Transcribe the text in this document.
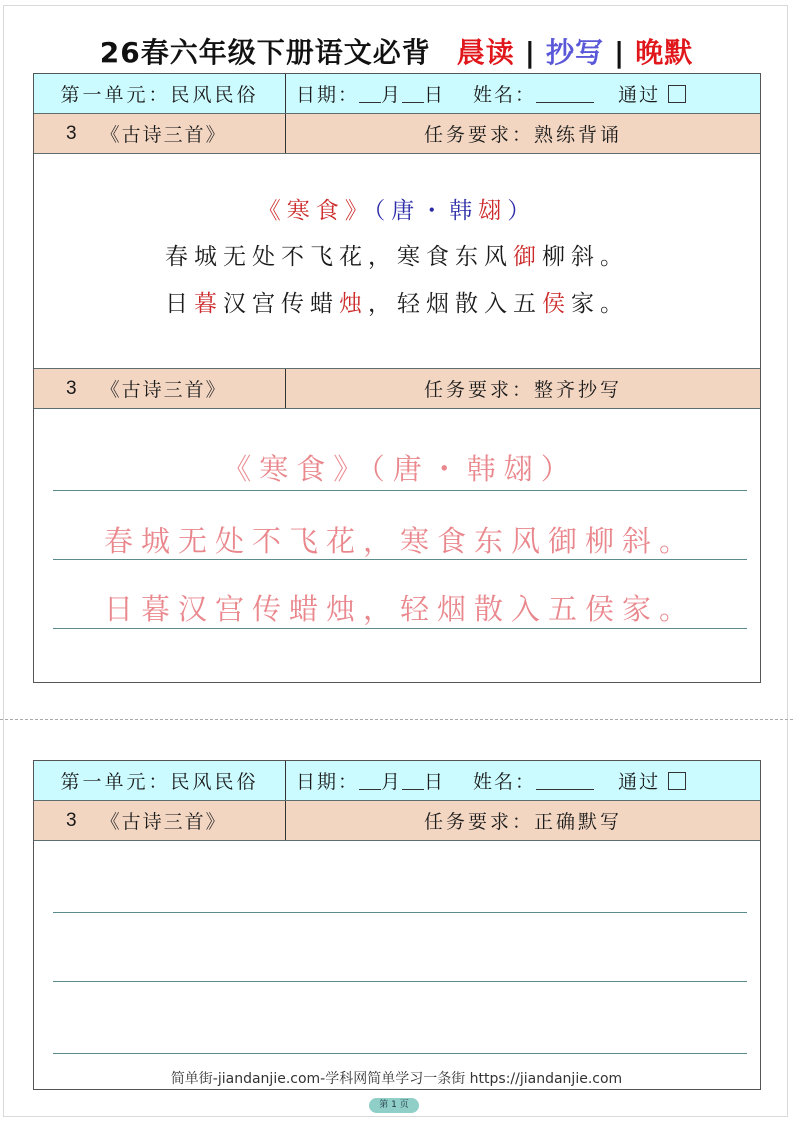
26春六年级下册语文必背 晨读 | 抄写 | 晚默
第一单元：民风民俗	日期： 月 日 姓名：	通过
3 《古诗三首》	任务要求：熟练背诵
《寒食》（唐・韩翃）
春城无处不飞花，寒食东风御柳斜。
日暮汉宫传蜡烛，轻烟散入五侯家。
3 《古诗三首》	任务要求：整齐抄写
《寒食》（唐・韩翃）
春城无处不飞花，寒食东风御柳斜。
日暮汉宫传蜡烛，轻烟散入五侯家。
第一单元：民风民俗	日期： 月 日 姓名：	通过
3 《古诗三首》	任务要求：正确默写
简单街-jiandanjie.com-学科网简单学习一条街 https://jiandanjie.com
第 1 页
